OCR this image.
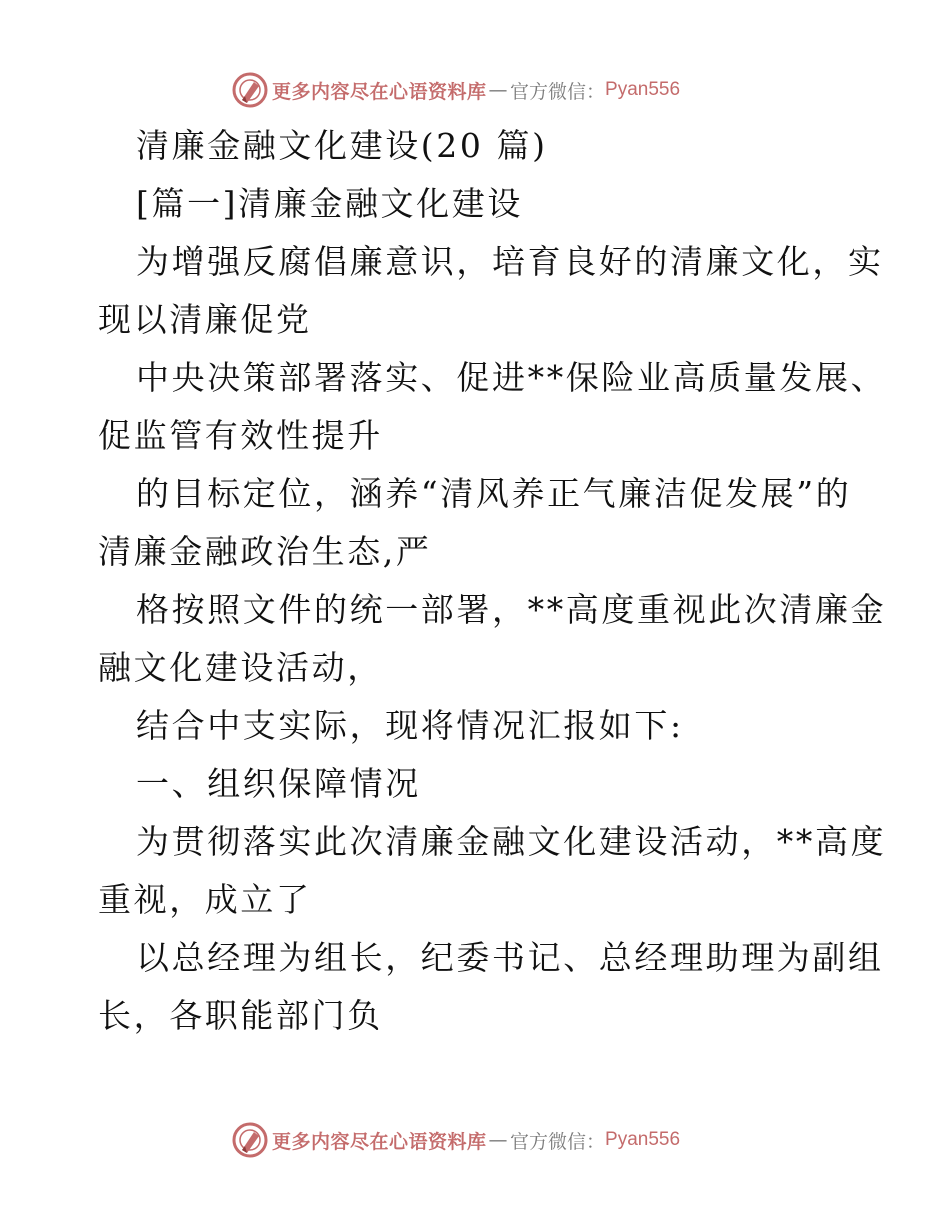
更多内容尽在心语资料库 — 官方微信： Pyan556
清廉金融文化建设(20 篇)
[篇一]清廉金融文化建设
为增强反腐倡廉意识，培育良好的清廉文化，实
现以清廉促党
中央决策部署落实、促进**保险业高质量发展、
促监管有效性提升
的目标定位，涵养“清风养正气廉洁促发展”的
清廉金融政治生态,严
格按照文件的统一部署，**高度重视此次清廉金
融文化建设活动，
结合中支实际，现将情况汇报如下:
一、组织保障情况
为贯彻落实此次清廉金融文化建设活动，**高度
重视，成立了
以总经理为组长，纪委书记、总经理助理为副组
长，各职能部门负
更多内容尽在心语资料库 — 官方微信： Pyan556
